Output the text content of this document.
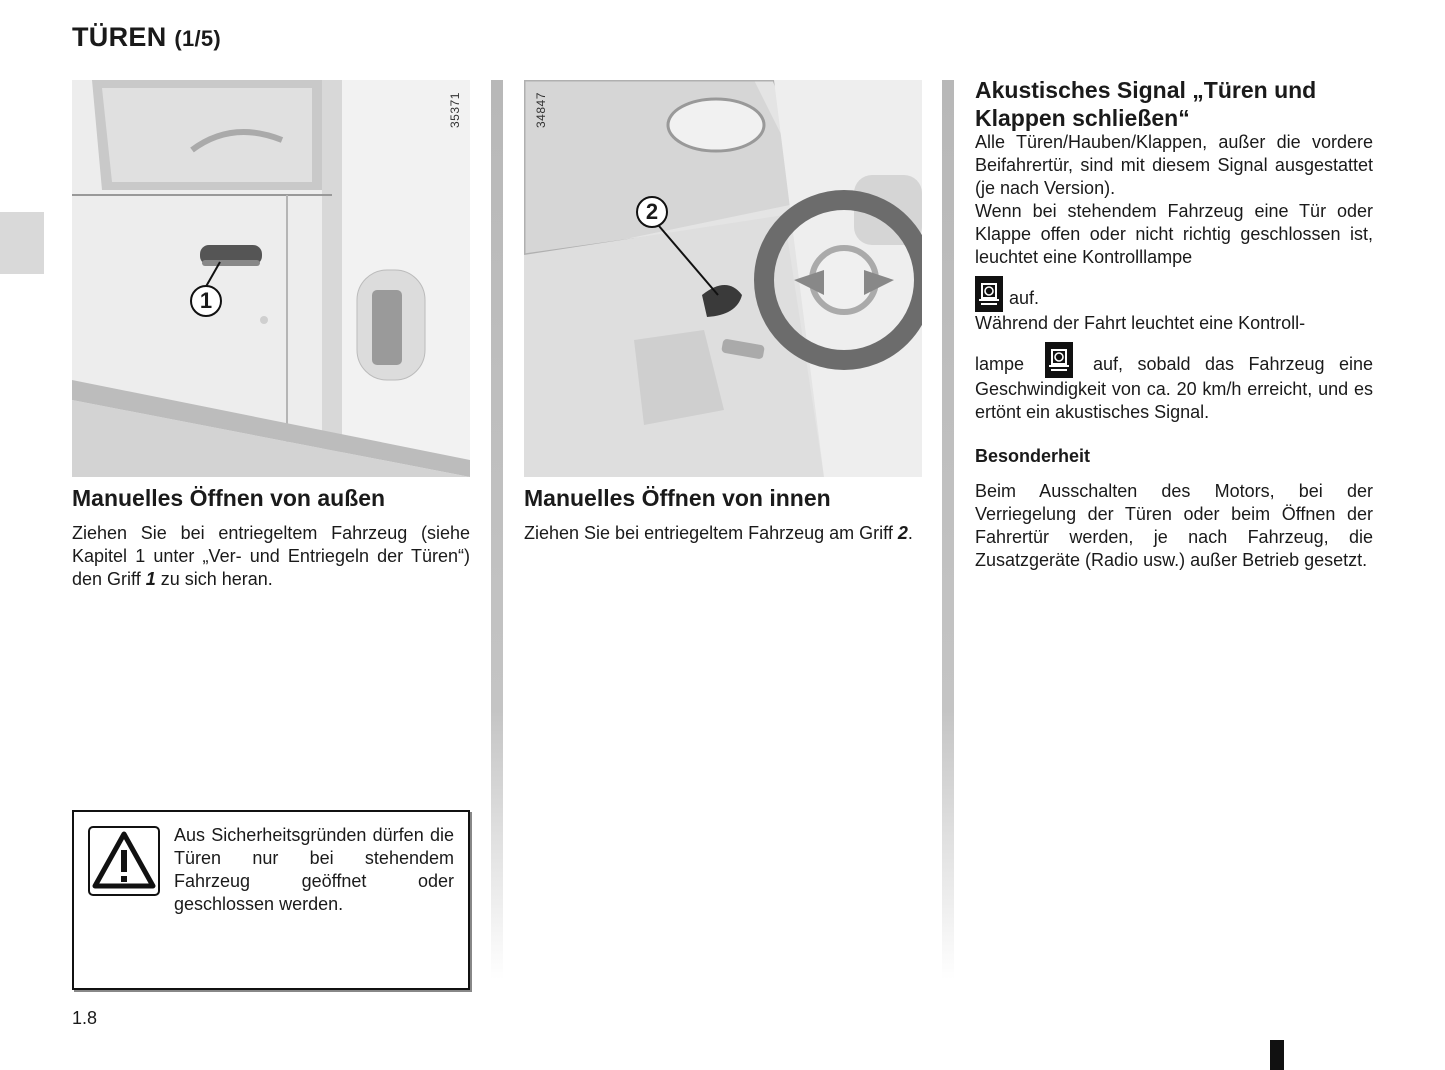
TÜREN (1/5)
35371
1
34847
2
Manuelles Öffnen von außen
Ziehen Sie bei entriegeltem Fahrzeug (siehe Kapitel 1 unter „Ver- und Entriegeln der Türen“) den Griff 1 zu sich heran.
Manuelles Öffnen von innen
Ziehen Sie bei entriegeltem Fahrzeug am Griff 2.
Akustisches Signal „Türen und Klappen schließen“
Alle Türen/Hauben/Klappen, außer die vordere Beifahrertür, sind mit diesem Signal ausgestattet (je nach Version).
Wenn bei stehendem Fahrzeug eine Tür oder Klappe offen oder nicht richtig geschlossen ist, leuchtet eine Kontrolllampe
auf.
Während der Fahrt leuchtet eine Kontroll-
lampe	auf, sobald das Fahrzeug eine Geschwindigkeit von ca. 20 km/h erreicht, und es ertönt ein akustisches Signal.
Besonderheit
Beim Ausschalten des Motors, bei der Verriegelung der Türen oder beim Öffnen der Fahrertür werden, je nach Fahrzeug, die Zusatzgeräte (Radio usw.) außer Betrieb gesetzt.
Aus Sicherheitsgründen dürfen die Türen nur bei stehendem Fahrzeug geöffnet oder geschlossen werden.
1.8
